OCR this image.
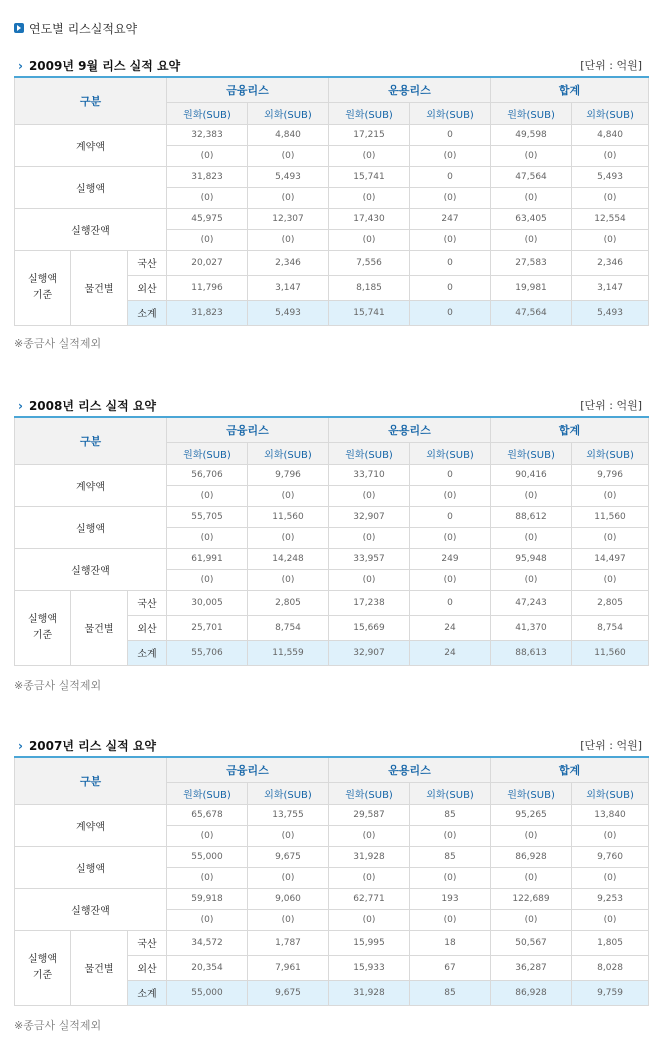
연도별 리스실적요약
› 2009년 9월 리스 실적 요약	[단위 : 억원]
구분			금융리스		운용리스		합계	
			원화(SUB)	외화(SUB)	원화(SUB)	외화(SUB)	원화(SUB)	외화(SUB)
계약액			32,383	4,840	17,215	0	49,598	4,840
			(0)	(0)	(0)	(0)	(0)	(0)
실행액			31,823	5,493	15,741	0	47,564	5,493
			(0)	(0)	(0)	(0)	(0)	(0)
실행잔액			45,975	12,307	17,430	247	63,405	12,554
			(0)	(0)	(0)	(0)	(0)	(0)
실행액
기준	물건별	국산	20,027	2,346	7,556	0	27,583	2,346
		외산	11,796	3,147	8,185	0	19,981	3,147
		소계	31,823	5,493	15,741	0	47,564	5,493
※종금사 실적제외
› 2008년 리스 실적 요약	[단위 : 억원]
구분			금융리스		운용리스		합계	
			원화(SUB)	외화(SUB)	원화(SUB)	외화(SUB)	원화(SUB)	외화(SUB)
계약액			56,706	9,796	33,710	0	90,416	9,796
			(0)	(0)	(0)	(0)	(0)	(0)
실행액			55,705	11,560	32,907	0	88,612	11,560
			(0)	(0)	(0)	(0)	(0)	(0)
실행잔액			61,991	14,248	33,957	249	95,948	14,497
			(0)	(0)	(0)	(0)	(0)	(0)
실행액
기준	물건별	국산	30,005	2,805	17,238	0	47,243	2,805
		외산	25,701	8,754	15,669	24	41,370	8,754
		소계	55,706	11,559	32,907	24	88,613	11,560
※종금사 실적제외
› 2007년 리스 실적 요약	[단위 : 억원]
구분			금융리스		운용리스		합계	
			원화(SUB)	외화(SUB)	원화(SUB)	외화(SUB)	원화(SUB)	외화(SUB)
계약액			65,678	13,755	29,587	85	95,265	13,840
			(0)	(0)	(0)	(0)	(0)	(0)
실행액			55,000	9,675	31,928	85	86,928	9,760
			(0)	(0)	(0)	(0)	(0)	(0)
실행잔액			59,918	9,060	62,771	193	122,689	9,253
			(0)	(0)	(0)	(0)	(0)	(0)
실행액
기준	물건별	국산	34,572	1,787	15,995	18	50,567	1,805
		외산	20,354	7,961	15,933	67	36,287	8,028
		소계	55,000	9,675	31,928	85	86,928	9,759
※종금사 실적제외
